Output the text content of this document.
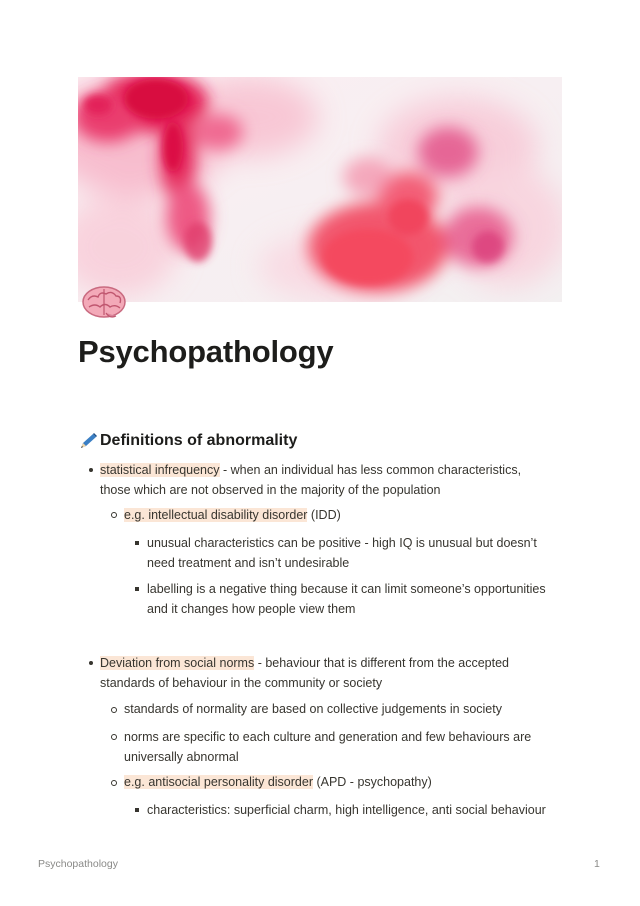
Psychopathology
Definitions of abnormality
statistical infrequency - when an individual has less common characteristics,
those which are not observed in the majority of the population
e.g. intellectual disability disorder (IDD)
unusual characteristics can be positive - high IQ is unusual but doesn’t
need treatment and isn’t undesirable
labelling is a negative thing because it can limit someone’s opportunities
and it changes how people view them
Deviation from social norms - behaviour that is different from the accepted
standards of behaviour in the community or society
standards of normality are based on collective judgements in society
norms are specific to each culture and generation and few behaviours are
universally abnormal
e.g. antisocial personality disorder (APD - psychopathy)
characteristics: superficial charm, high intelligence, anti social behaviour
Psychopathology	1
